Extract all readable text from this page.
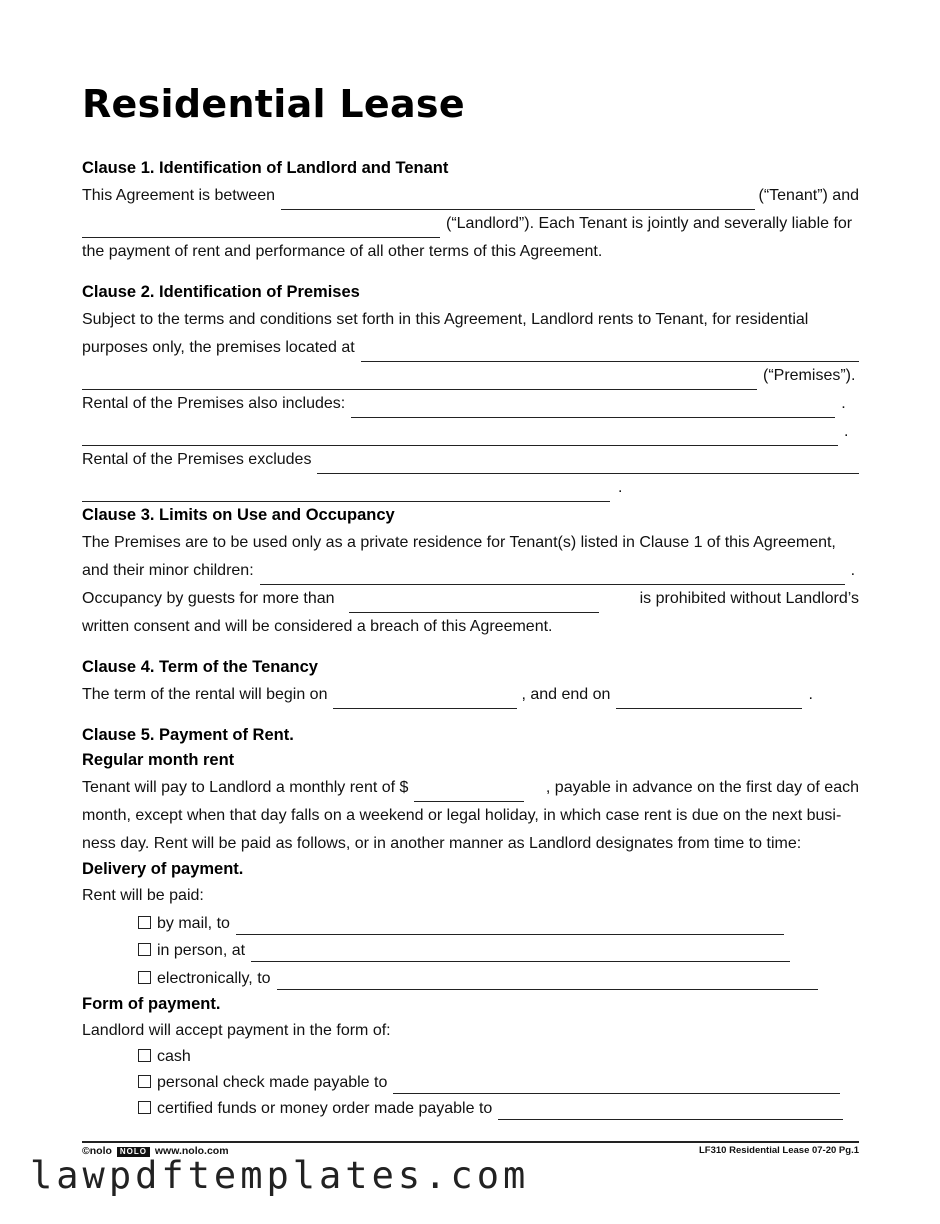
Residential Lease
Clause 1. Identification of Landlord and Tenant
This Agreement is between	(“Tenant”) and
(“Landlord”). Each Tenant is jointly and severally liable for
the payment of rent and performance of all other terms of this Agreement.
Clause 2. Identification of Premises
Subject to the terms and conditions set forth in this Agreement, Landlord rents to Tenant, for residential
purposes only, the premises located at
(“Premises”).
Rental of the Premises also includes:	.
.
Rental of the Premises excludes
.
Clause 3. Limits on Use and Occupancy
The Premises are to be used only as a private residence for Tenant(s) listed in Clause 1 of this Agreement,
and their minor children:	.
Occupancy by guests for more than	is prohibited without Landlord’s
written consent and will be considered a breach of this Agreement.
Clause 4. Term of the Tenancy
The term of the rental will begin on	, and end on	.
Clause 5. Payment of Rent.
Regular month rent
Tenant will pay to Landlord a monthly rent of $	, payable in advance on the first day of each
month, except when that day falls on a weekend or legal holiday, in which case rent is due on the next busi-
ness day. Rent will be paid as follows, or in another manner as Landlord designates from time to time:
Delivery of payment.
Rent will be paid:
by mail, to
in person, at
electronically, to
Form of payment.
Landlord will accept payment in the form of:
cash
personal check made payable to
certified funds or money order made payable to
©nolo NOLO www.nolo.com	LF310 Residential Lease 07-20 Pg.1
lawpdftemplates.com
